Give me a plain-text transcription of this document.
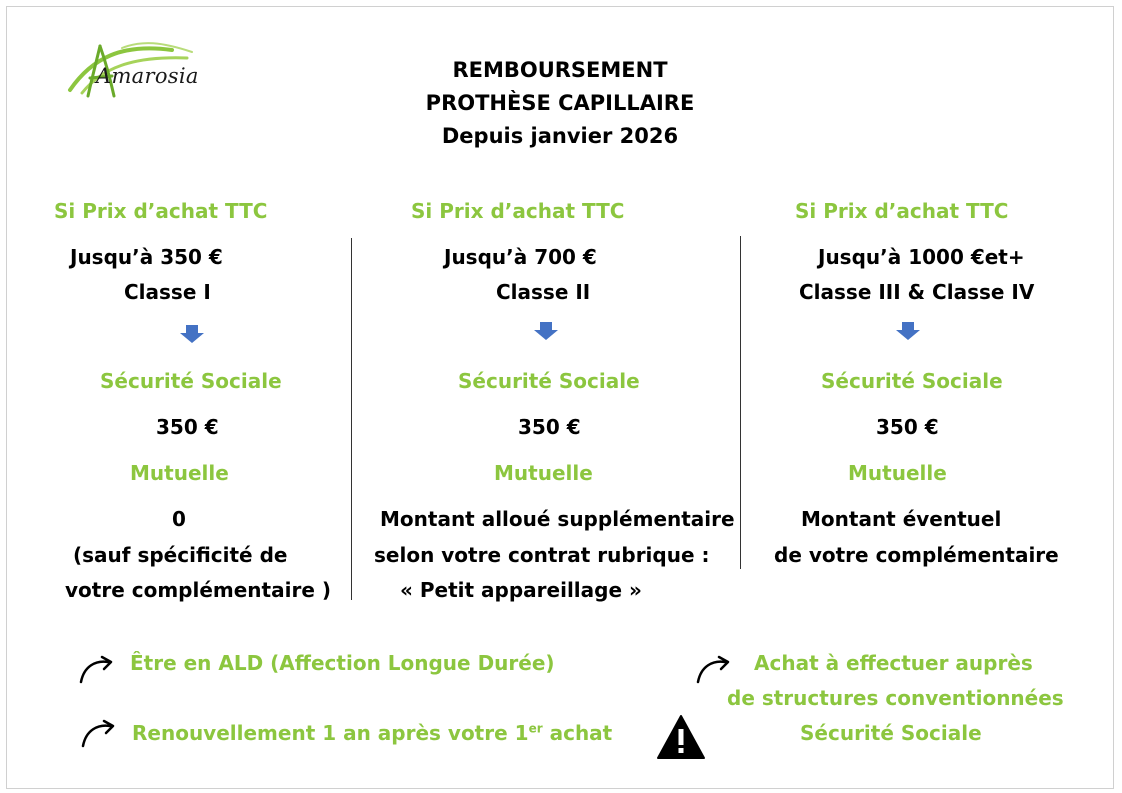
Amarosia	REMBOURSEMENT
PROTHÈSE CAPILLAIRE
Depuis janvier 2026
Si Prix d’achat TTC
Jusqu’à 350 €
Classe I
Sécurité Sociale
350 €
Mutuelle
0
(sauf spécificité de
votre complémentaire )
Si Prix d’achat TTC
Jusqu’à 700 €
Classe II
Sécurité Sociale
350 €
Mutuelle
Montant alloué supplémentaire
selon votre contrat rubrique :
« Petit appareillage »
Si Prix d’achat TTC
Jusqu’à 1000 €et+
Classe III & Classe IV
Sécurité Sociale
350 €
Mutuelle
Montant éventuel
de votre complémentaire
Être en ALD (Affection Longue Durée)
Renouvellement 1 an après votre 1er achat
Achat à effectuer auprès
de structures conventionnées
Sécurité Sociale
